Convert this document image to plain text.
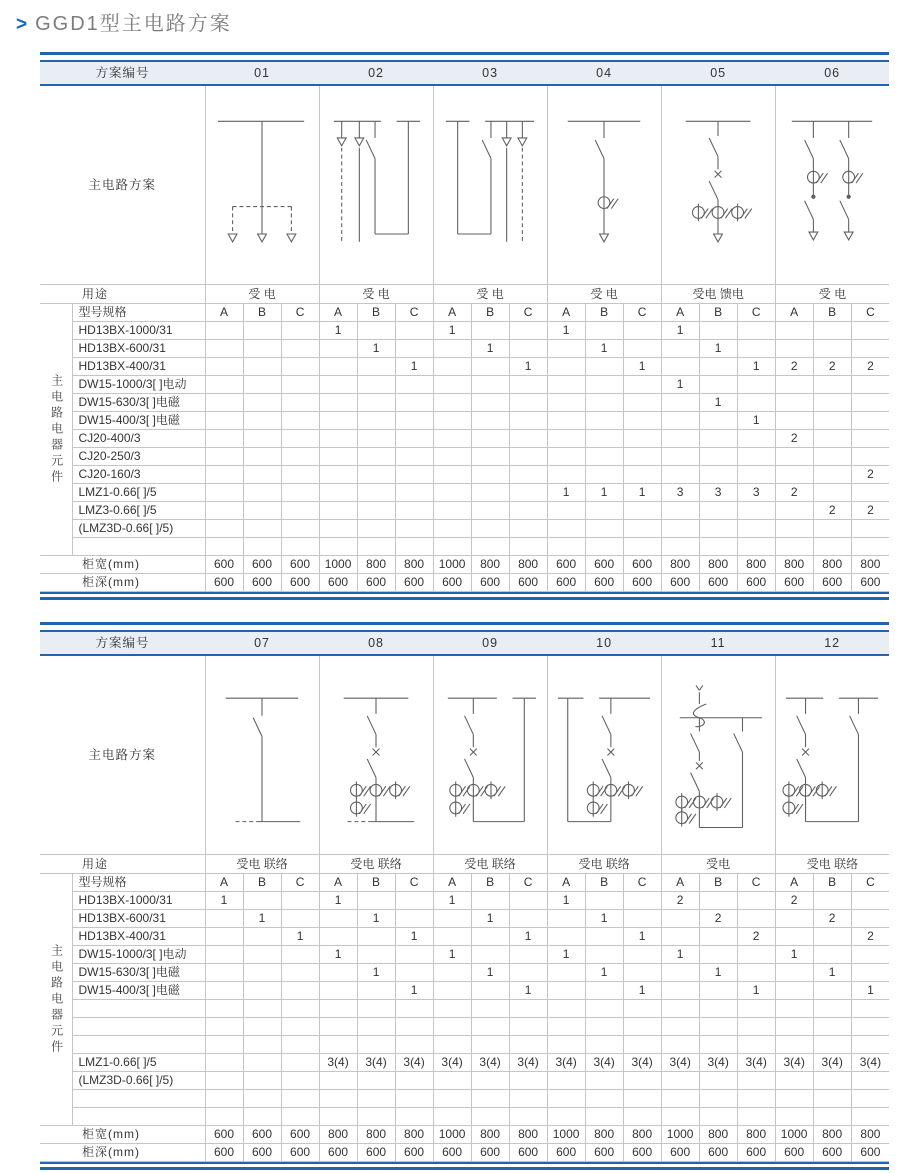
> GGD1型主电路方案
方案编号		01			02			03			04			05			06		
主电路方案	

用途		受 电			受 电			受 电			受 电			受电 馈电			受 电		

主电路电器元件	型号规格	A	B	C	A	B	C	A	B	C	A	B	C	A	B	C	A	B	C
	HD13BX-1000/31				1			1			1			1					
	HD13BX-600/31					1			1			1			1				
	HD13BX-400/31						1			1			1			1	2	2	2
	DW15-1000/3[ ]电动													1					
	DW15-630/3[ ]电磁														1				
	DW15-400/3[ ]电磁															1			
	CJ20-400/3																2		
	CJ20-250/3																		
	CJ20-160/3																		2
	LMZ1-0.66[ ]/5										1	1	1	3	3	3	2		
	LMZ3-0.66[ ]/5																	2	2
	(LMZ3D-0.66[ ]/5)																		

柜宽(mm)		600	600	600	1000	800	800	1000	800	800	600	600	600	800	800	800	800	800	800
柜深(mm)		600	600	600	600	600	600	600	600	600	600	600	600	600	600	600	600	600	600
方案编号		07			08			09			10			11			12		
主电路方案	

用途		受电 联络			受电 联络			受电 联络			受电 联络			受电			受电 联络		

主电路电器元件	型号规格	A	B	C	A	B	C	A	B	C	A	B	C	A	B	C	A	B	C
	HD13BX-1000/31	1			1			1			1			2			2		
	HD13BX-600/31		1			1			1			1			2			2	
	HD13BX-400/31			1			1			1			1			2			2
	DW15-1000/3[ ]电动				1			1			1			1			1		
	DW15-630/3[ ]电磁					1			1			1			1			1	
	DW15-400/3[ ]电磁						1			1			1			1			1

	LMZ1-0.66[ ]/5				3(4)	3(4)	3(4)	3(4)	3(4)	3(4)	3(4)	3(4)	3(4)	3(4)	3(4)	3(4)	3(4)	3(4)	3(4)
	(LMZ3D-0.66[ ]/5)																		

柜宽(mm)		600	600	600	800	800	800	1000	800	800	1000	800	800	1000	800	800	1000	800	800
柜深(mm)		600	600	600	600	600	600	600	600	600	600	600	600	600	600	600	600	600	600
